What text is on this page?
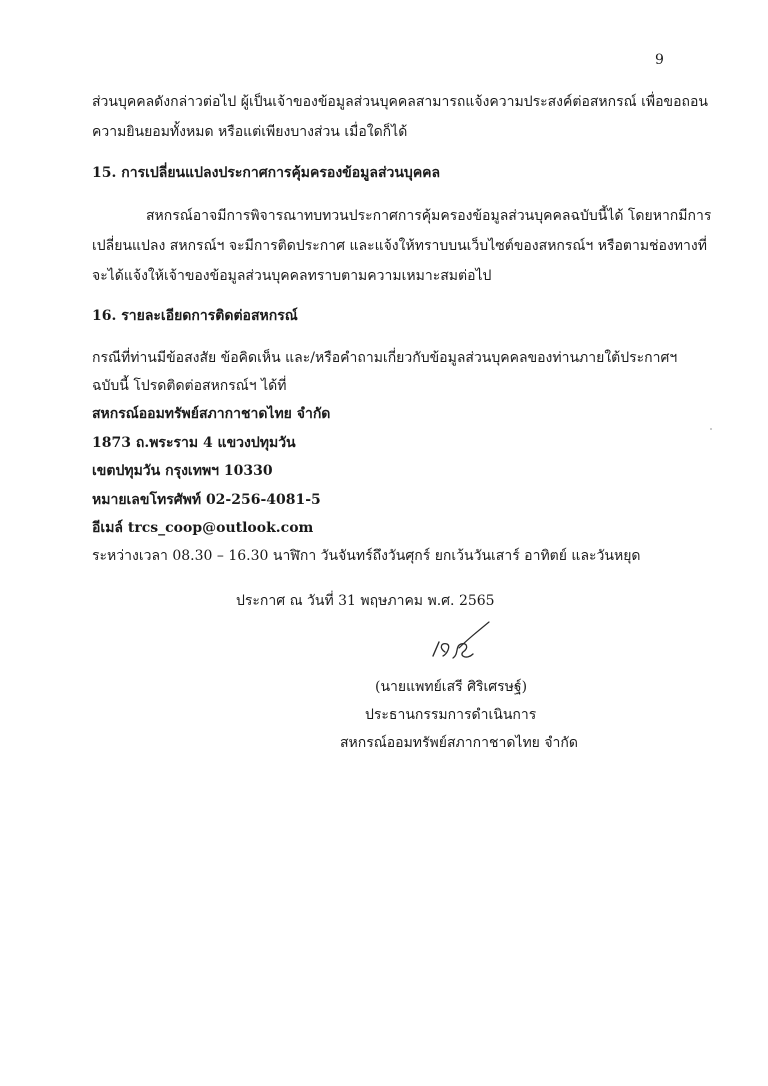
9
ส่วนบุคคลดังกล่าวต่อไป ผู้เป็นเจ้าของข้อมูลส่วนบุคคลสามารถแจ้งความประสงค์ต่อสหกรณ์ เพื่อขอถอน
ความยินยอมทั้งหมด หรือแต่เพียงบางส่วน เมื่อใดก็ได้
15. การเปลี่ยนแปลงประกาศการคุ้มครองข้อมูลส่วนบุคคล
สหกรณ์อาจมีการพิจารณาทบทวนประกาศการคุ้มครองข้อมูลส่วนบุคคลฉบับนี้ได้ โดยหากมีการ
เปลี่ยนแปลง สหกรณ์ฯ จะมีการติดประกาศ และแจ้งให้ทราบบนเว็บไซต์ของสหกรณ์ฯ หรือตามช่องทางที่
จะได้แจ้งให้เจ้าของข้อมูลส่วนบุคคลทราบตามความเหมาะสมต่อไป
16. รายละเอียดการติดต่อสหกรณ์
กรณีที่ท่านมีข้อสงสัย ข้อคิดเห็น และ/หรือคำถามเกี่ยวกับข้อมูลส่วนบุคคลของท่านภายใต้ประกาศฯ
ฉบับนี้ โปรดติดต่อสหกรณ์ฯ ได้ที่
สหกรณ์ออมทรัพย์สภากาชาดไทย จำกัด
1873 ถ.พระราม 4 แขวงปทุมวัน
เขตปทุมวัน กรุงเทพฯ 10330
หมายเลขโทรศัพท์ 02-256-4081-5
อีเมล์ trcs_coop@outlook.com
ระหว่างเวลา 08.30 – 16.30 นาฬิกา วันจันทร์ถึงวันศุกร์ ยกเว้นวันเสาร์ อาทิตย์ และวันหยุด
ประกาศ ณ วันที่ 31 พฤษภาคม พ.ศ. 2565
(นายแพทย์เสรี ศิริเศรษฐ์)
ประธานกรรมการดำเนินการ
สหกรณ์ออมทรัพย์สภากาชาดไทย จำกัด
